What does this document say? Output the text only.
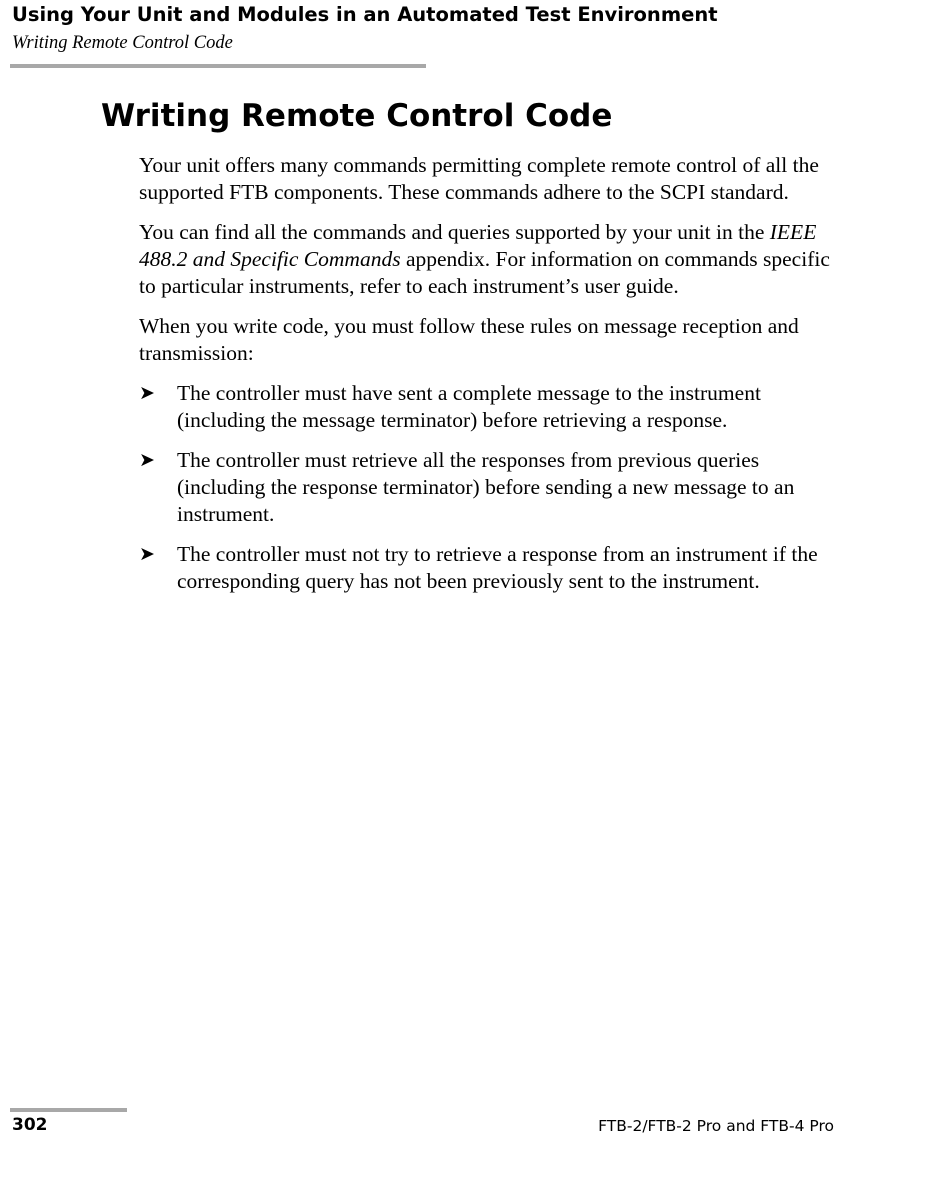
Using Your Unit and Modules in an Automated Test Environment
Writing Remote Control Code
Writing Remote Control Code

Your unit offers many commands permitting complete remote control of all the supported FTB components. These commands adhere to the SCPI standard.

You can find all the commands and queries supported by your unit in the IEEE 488.2 and Specific Commands appendix. For information on commands specific to particular instruments, refer to each instrument’s user guide.

When you write code, you must follow these rules on message reception and transmission:

➤ The controller must have sent a complete message to the instrument (including the message terminator) before retrieving a response.
➤ The controller must retrieve all the responses from previous queries (including the response terminator) before sending a new message to an instrument.
➤ The controller must not try to retrieve a response from an instrument if the corresponding query has not been previously sent to the instrument.
302	FTB-2/FTB-2 Pro and FTB-4 Pro
